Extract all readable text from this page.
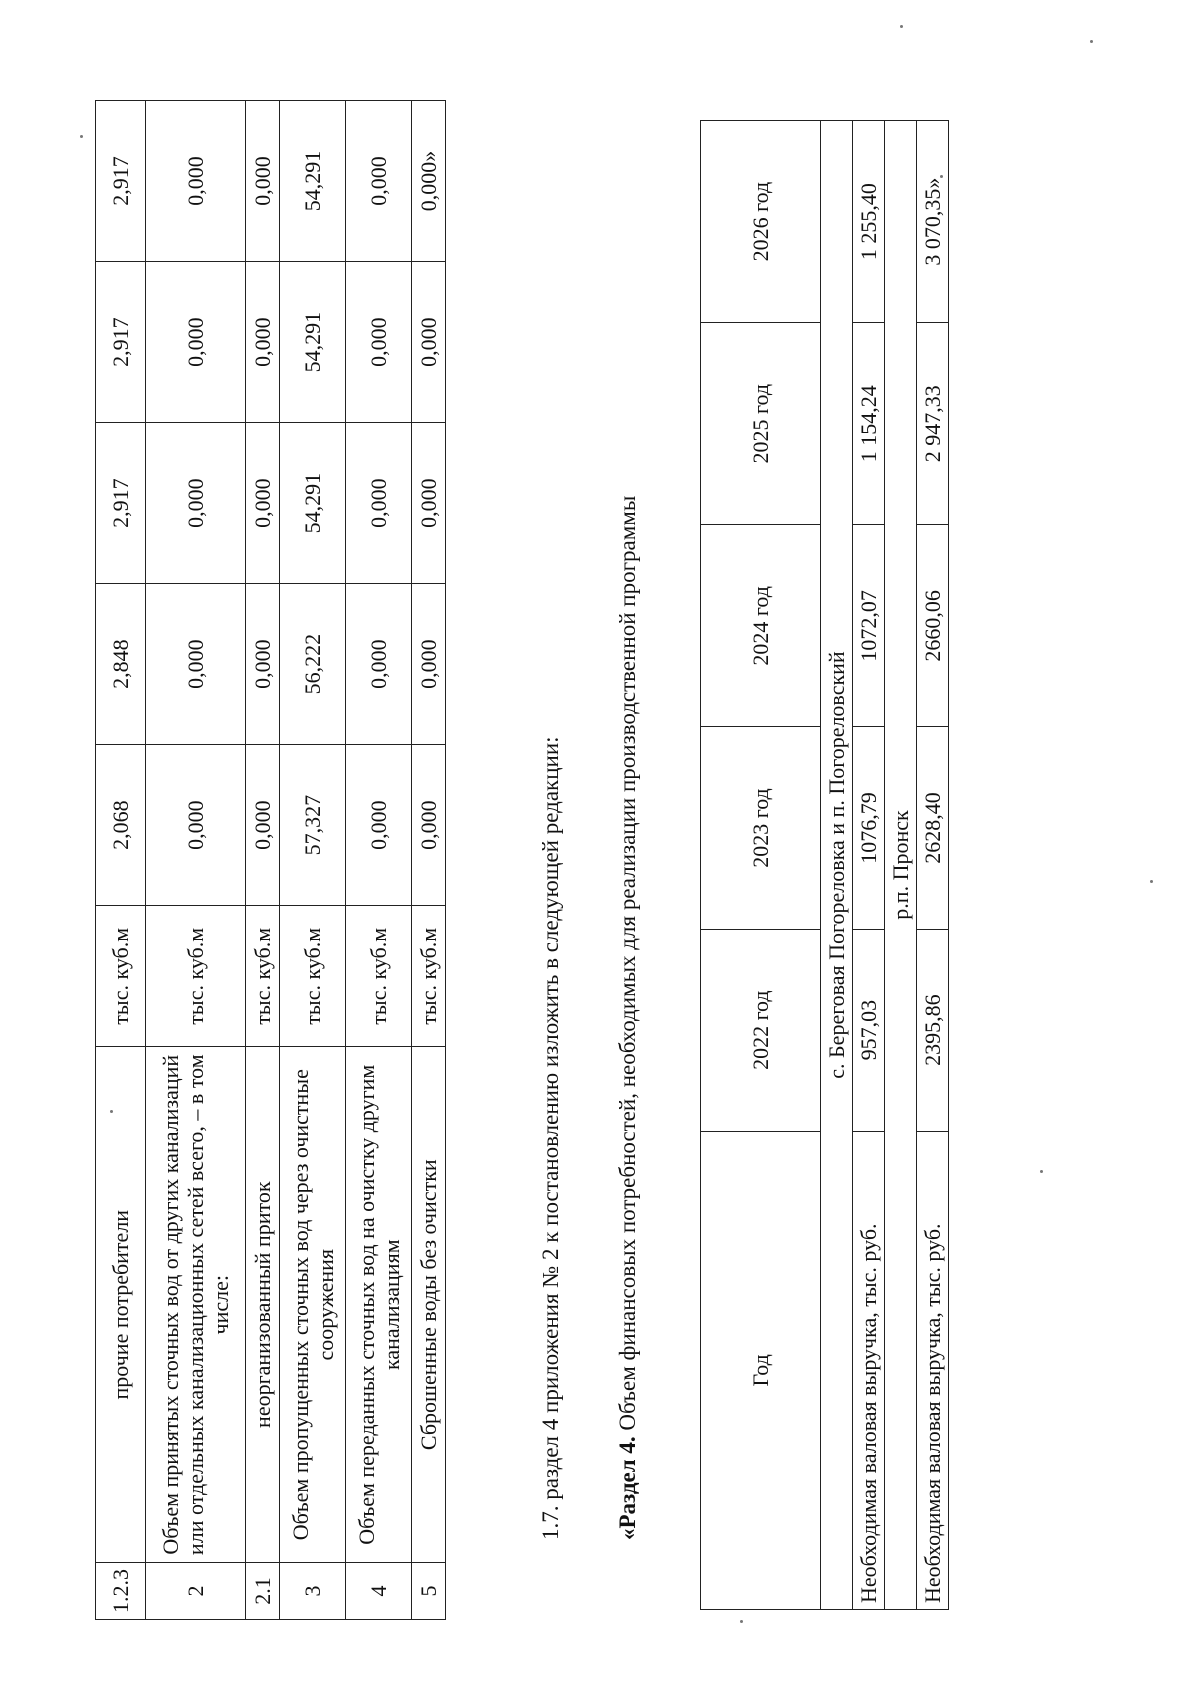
1.2.3	прочие потребители	тыс. куб.м	2,068	2,848	2,917	2,917	2,917
2	Объем принятых сточных вод от других канализаций или отдельных канализационных сетей всего, – в том числе:	тыс. куб.м	0,000	0,000	0,000	0,000	0,000
2.1	неорганизованный приток	тыс. куб.м	0,000	0,000	0,000	0,000	0,000
3	Объем пропущенных сточных вод через очистные сооружения	тыс. куб.м	57,327	56,222	54,291	54,291	54,291
4	Объем переданных сточных вод на очистку другим канализациям	тыс. куб.м	0,000	0,000	0,000	0,000	0,000
5	Сброшенные воды без очистки	тыс. куб.м	0,000	0,000	0,000	0,000	0,000»
1.7. раздел 4 приложения № 2 к постановлению изложить в следующей редакции: «Раздел 4. Объем финансовых потребностей, необходимых для реализации производственной программы	Год	2022 год	2023 год	2024 год	2025 год	2026 год
с. Береговая Погореловка и п. Погореловский					
Необходимая валовая выручка, тыс. руб.	957,03	1076,79	1072,07	1 154,24	1 255,40
р.п. Пронск					
Необходимая валовая выручка, тыс. руб.	2395,86	2628,40	2660,06	2 947,33	3 070,35»
